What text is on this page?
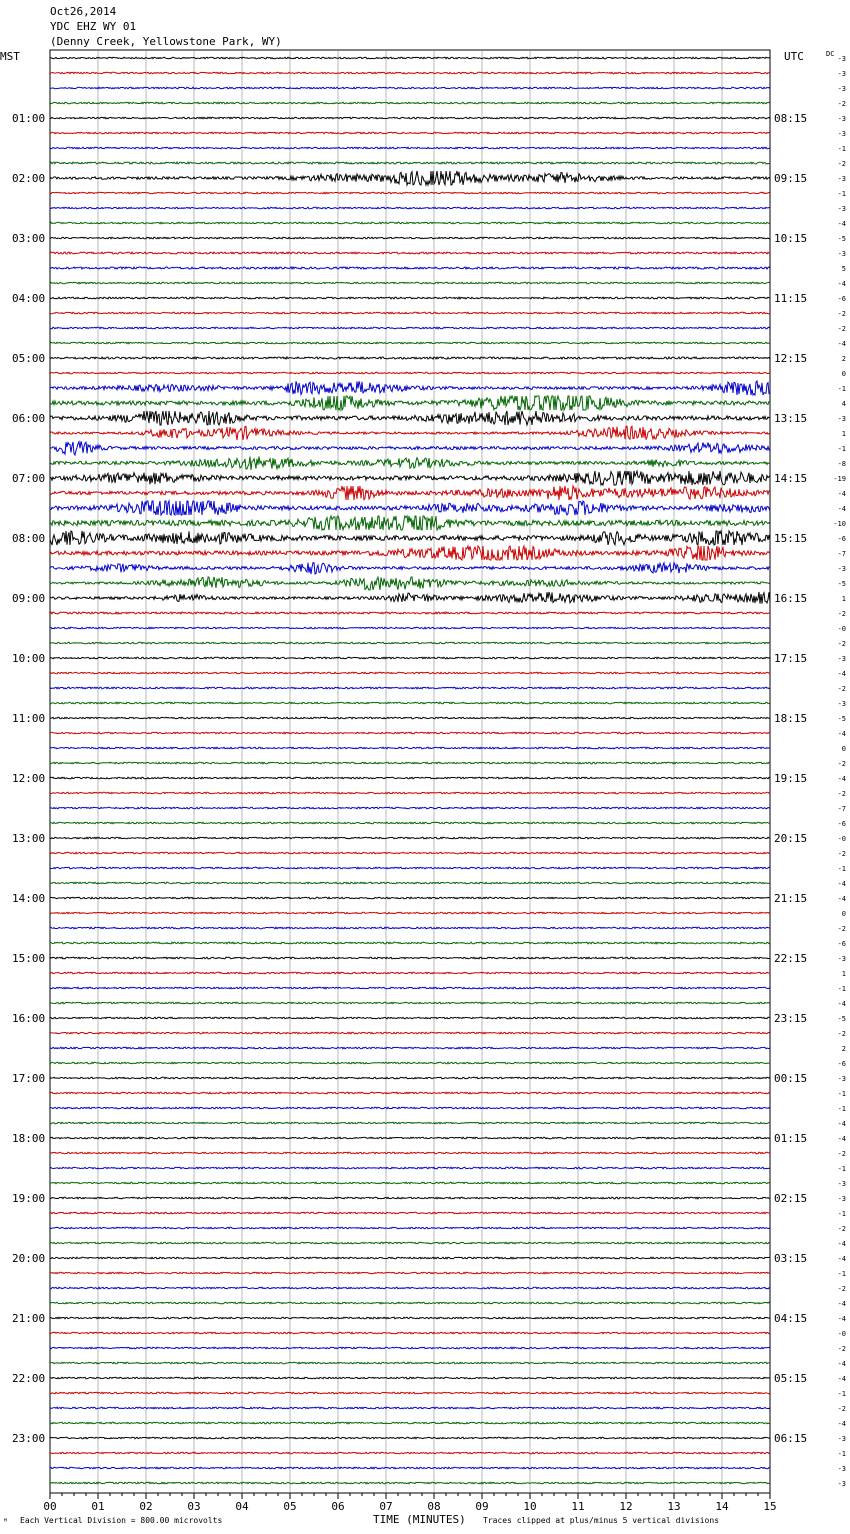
Oct26,2014
YDC EHZ WY 01
(Denny Creek, Yellowstone Park, WY)
MST	UTC	DC
01:00
02:00
03:00
04:00
05:00
06:00
07:00
08:00
09:00
10:00
11:00
12:00
13:00
14:00
15:00
16:00
17:00
18:00
19:00
20:00
21:00
22:00
23:00
08:15
09:15
10:15
11:15
12:15
13:15
14:15
15:15
16:15
17:15
18:15
19:15
20:15
21:15
22:15
23:15
00:15
01:15
02:15
03:15
04:15
05:15
06:15
-3
-3
-3
-2
-3
-3
-1
-2
-3
-1
-3
-4
-5
-3
5
-4
-6
-2
-2
-4
2
0
-1
4
-3
1
-1
-8
-19
-4
-4
-10
-6
-7
-3
-5
1
-2
-0
-2
-3
-4
-2
-3
-5
-4
0
-2
-4
-2
-7
-6
-0
-2
-1
-4
-4
0
-2
-6
-3
1
-1
-4
-5
-2
2
-6
-3
-1
-1
-4
-4
-2
-1
-3
-3
-1
-2
-4
-4
-1
-2
-4
-4
-0
-2
-4
-4
-1
-2
-4
-3
-1
-3
-3
00	01	02	03	04	05	06	07	08	09	10	11	12	13	14	15
ᴹ Each Vertical Division = 800.00 microvolts	TIME (MINUTES) Traces clipped at plus/minus 5 vertical divisions
